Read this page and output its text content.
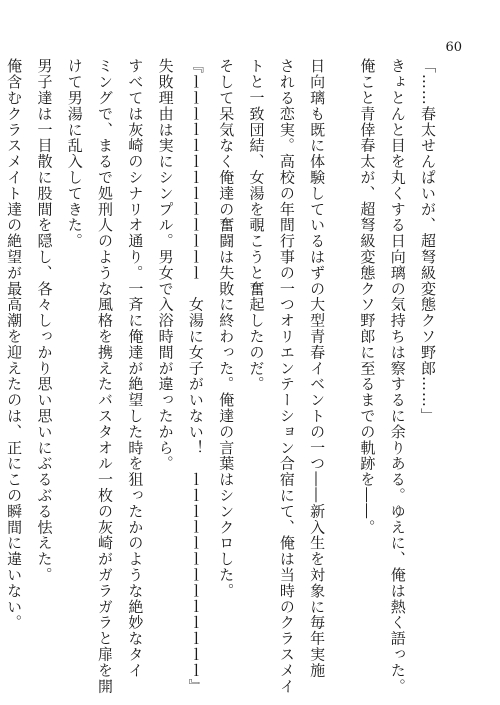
60
「……春太せんぱいが、超弩級変態クソ野郎……」
きょとんと目を丸くする日向璃の気持ちは察するに余りある。ゆえに、俺は熱く語った。
俺こと青倖春太が、超弩級変態クソ野郎に至るまでの軌跡を――。
日向璃も既に体験しているはずの大型青春イベントの一つ――新入生を対象に毎年実施
される恋実。高校の年間行事の一つオリエンテーション合宿にて、俺は当時のクラスメイ
トと一致団結、女湯を覗こうと奮起したのだ。
そして呆気なく俺達の奮闘は失敗に終わった。俺達の言葉はシンクロした。
『ｌｌｌｌｌｌｌｌｌｌｌｌｌ　女湯に女子がいない！　ｌｌｌｌｌｌｌｌｌｌｌｌｌ』
失敗理由は実にシンプル。男女で入浴時間が違ったから。
すべては灰崎のシナリオ通り。一斉に俺達が絶望した時を狙ったかのような絶妙なタイ
ミングで、まるで処刑人のような風格を携えたバスタオル一枚の灰崎がガラガラと扉を開
けて男湯に乱入してきた。
男子達は一目散に股間を隠し、各々しっかり思い思いにぶるぶる怯えた。
俺含むクラスメイト達の絶望が最高潮を迎えたのは、正にこの瞬間に違いない。
